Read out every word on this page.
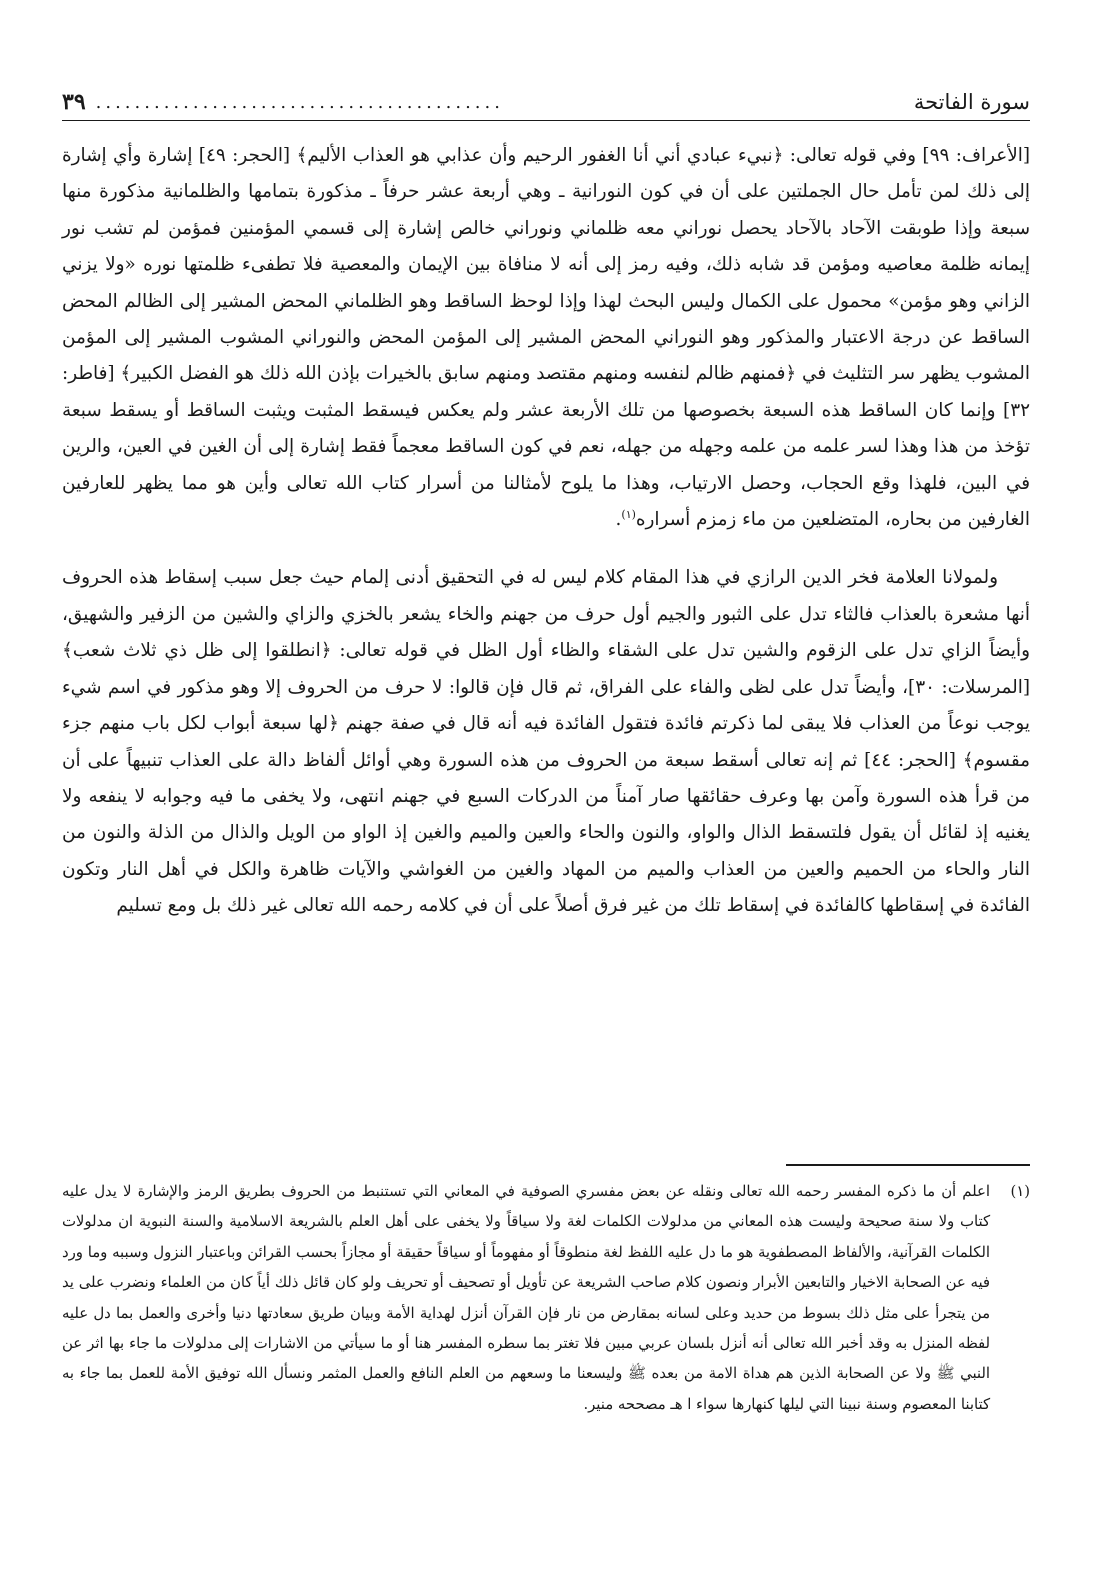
سورة الفاتحة
..........................................
٣٩

[الأعراف: ٩٩] وفي قوله تعالى: ﴿نبيء عبادي أني أنا الغفور الرحيم وأن عذابي هو العذاب الأليم﴾ [الحجر: ٤٩] إشارة وأي إشارة إلى ذلك لمن تأمل حال الجملتين على أن في كون النورانية ـ وهي أربعة عشر حرفاً ـ مذكورة بتمامها والظلمانية مذكورة منها سبعة وإذا طوبقت الآحاد بالآحاد يحصل نوراني معه ظلماني ونوراني خالص إشارة إلى قسمي المؤمنين فمؤمن لم تشب نور إيمانه ظلمة معاصيه ومؤمن قد شابه ذلك، وفيه رمز إلى أنه لا منافاة بين الإيمان والمعصية فلا تطفىء ظلمتها نوره «ولا يزني الزاني وهو مؤمن» محمول على الكمال وليس البحث لهذا وإذا لوحظ الساقط وهو الظلماني المحض المشير إلى الظالم المحض الساقط عن درجة الاعتبار والمذكور وهو النوراني المحض المشير إلى المؤمن المحض والنوراني المشوب المشير إلى المؤمن المشوب يظهر سر التثليث في ﴿فمنهم ظالم لنفسه ومنهم مقتصد ومنهم سابق بالخيرات بإذن الله ذلك هو الفضل الكبير﴾ [فاطر: ٣٢] وإنما كان الساقط هذه السبعة بخصوصها من تلك الأربعة عشر ولم يعكس فيسقط المثبت ويثبت الساقط أو يسقط سبعة تؤخذ من هذا وهذا لسر علمه من علمه وجهله من جهله، نعم في كون الساقط معجماً فقط إشارة إلى أن الغين في العين، والرين في البين، فلهذا وقع الحجاب، وحصل الارتياب، وهذا ما يلوح لأمثالنا من أسرار كتاب الله تعالى وأين هو مما يظهر للعارفين الغارفين من بحاره، المتضلعين من ماء زمزم أسراره$^{(١)}$.

ولمولانا العلامة فخر الدين الرازي في هذا المقام كلام ليس له في التحقيق أدنى إلمام حيث جعل سبب إسقاط هذه الحروف أنها مشعرة بالعذاب فالثاء تدل على الثبور والجيم أول حرف من جهنم والخاء يشعر بالخزي والزاي والشين من الزفير والشهيق، وأيضاً الزاي تدل على الزقوم والشين تدل على الشقاء والظاء أول الظل في قوله تعالى: ﴿انطلقوا إلى ظل ذي ثلاث شعب﴾ [المرسلات: ٣٠]، وأيضاً تدل على لظى والفاء على الفراق، ثم قال فإن قالوا: لا حرف من الحروف إلا وهو مذكور في اسم شيء يوجب نوعاً من العذاب فلا يبقى لما ذكرتم فائدة فتقول الفائدة فيه أنه قال في صفة جهنم ﴿لها سبعة أبواب لكل باب منهم جزء مقسوم﴾ [الحجر: ٤٤] ثم إنه تعالى أسقط سبعة من الحروف من هذه السورة وهي أوائل ألفاظ دالة على العذاب تنبيهاً على أن من قرأ هذه السورة وآمن بها وعرف حقائقها صار آمناً من الدركات السبع في جهنم انتهى، ولا يخفى ما فيه وجوابه لا ينفعه ولا يغنيه إذ لقائل أن يقول فلتسقط الذال والواو، والنون والحاء والعين والميم والغين إذ الواو من الويل والذال من الذلة والنون من النار والحاء من الحميم والعين من العذاب والميم من المهاد والغين من الغواشي والآيات ظاهرة والكل في أهل النار وتكون الفائدة في إسقاطها كالفائدة في إسقاط تلك من غير فرق أصلاً على أن في كلامه رحمه الله تعالى غير ذلك بل ومع تسليم

(١)
اعلم أن ما ذكره المفسر رحمه الله تعالى ونقله عن بعض مفسري الصوفية في المعاني التي تستنبط من الحروف بطريق الرمز والإشارة لا يدل عليه كتاب ولا سنة صحيحة وليست هذه المعاني من مدلولات الكلمات لغة ولا سياقاً ولا يخفى على أهل العلم بالشريعة الاسلامية والسنة النبوية ان مدلولات الكلمات القرآنية، والألفاظ المصطفوية هو ما دل عليه اللفظ لغة منطوقاً أو مفهوماً أو سياقاً حقيقة أو مجازاً بحسب القرائن وباعتبار النزول وسببه وما ورد فيه عن الصحابة الاخيار والتابعين الأبرار ونصون كلام صاحب الشريعة عن تأويل أو تصحيف أو تحريف ولو كان قائل ذلك أياً كان من العلماء ونضرب على يد من يتجرأ على مثل ذلك بسوط من حديد وعلى لسانه بمقارض من نار فإن القرآن أنزل لهداية الأمة وبيان طريق سعادتها دنيا وأخرى والعمل بما دل عليه لفظه المنزل به وقد أخبر الله تعالى أنه أنزل بلسان عربي مبين فلا تغتر بما سطره المفسر هنا أو ما سيأتي من الاشارات إلى مدلولات ما جاء بها اثر عن النبي ﷺ ولا عن الصحابة الذين هم هداة الامة من بعده ﷺ وليسعنا ما وسعهم من العلم النافع والعمل المثمر ونسأل الله توفيق الأمة للعمل بما جاء به كتابنا المعصوم وسنة نبينا التي ليلها كنهارها سواء ا هـ مصححه منير.
